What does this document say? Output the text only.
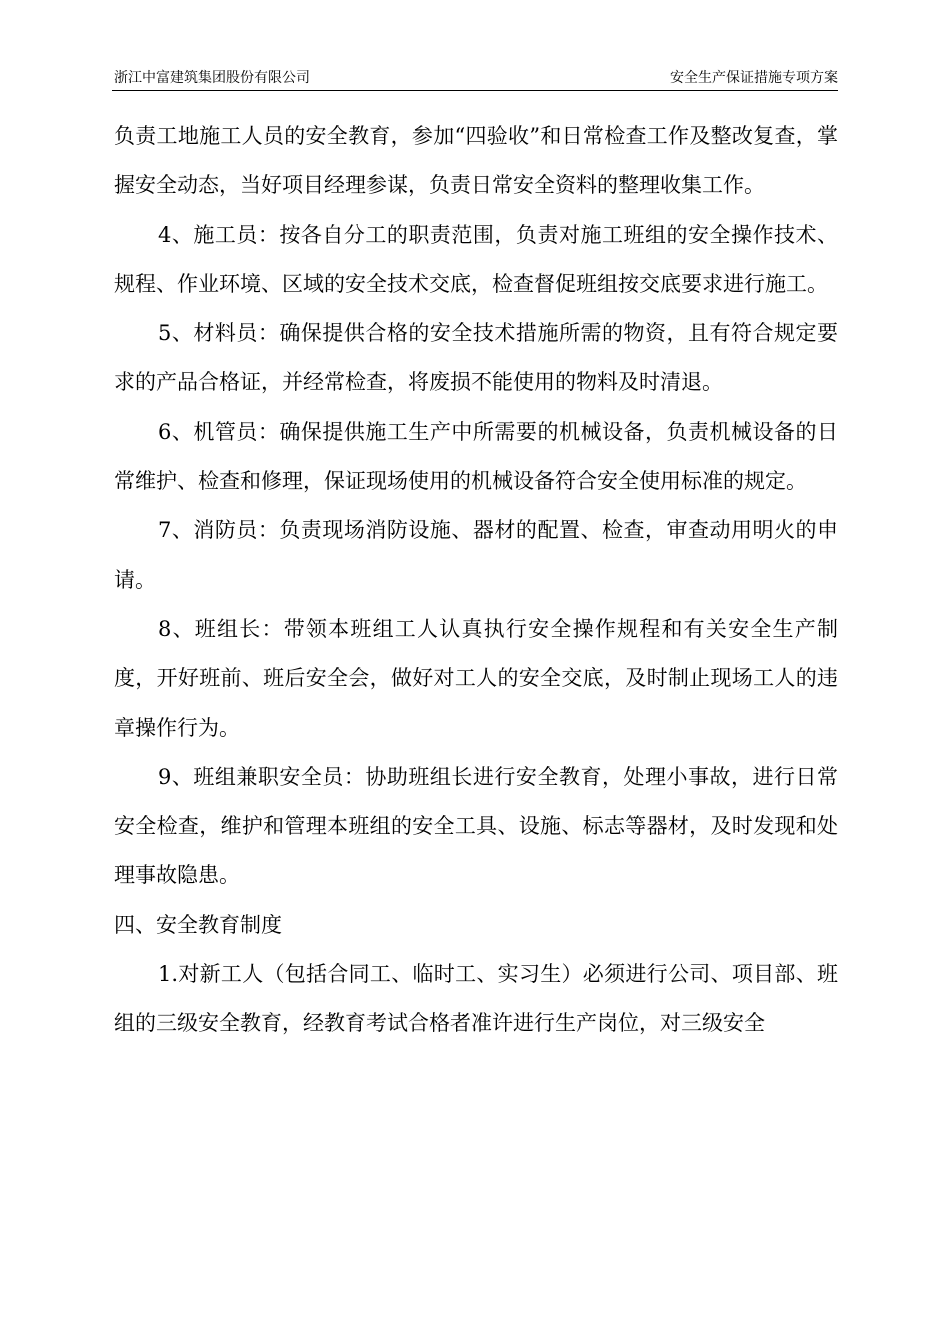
浙江中富建筑集团股份有限公司	安全生产保证措施专项方案

负责工地施工人员的安全教育，参加“四验收”和日常检查工作及整改复查，掌握安全动态，当好项目经理参谋，负责日常安全资料的整理收集工作。

4、施工员：按各自分工的职责范围，负责对施工班组的安全操作技术、规程、作业环境、区域的安全技术交底，检查督促班组按交底要求进行施工。

5、材料员：确保提供合格的安全技术措施所需的物资，且有符合规定要求的产品合格证，并经常检查，将废损不能使用的物料及时清退。

6、机管员：确保提供施工生产中所需要的机械设备，负责机械设备的日常维护、检查和修理，保证现场使用的机械设备符合安全使用标准的规定。

7、消防员：负责现场消防设施、器材的配置、检查，审查动用明火的申请。

8、班组长：带领本班组工人认真执行安全操作规程和有关安全生产制度，开好班前、班后安全会，做好对工人的安全交底，及时制止现场工人的违章操作行为。

9、班组兼职安全员：协助班组长进行安全教育，处理小事故，进行日常安全检查，维护和管理本班组的安全工具、设施、标志等器材，及时发现和处理事故隐患。

四、安全教育制度

1.对新工人（包括合同工、临时工、实习生）必须进行公司、项目部、班组的三级安全教育，经教育考试合格者准许进行生产岗位，对三级安全
